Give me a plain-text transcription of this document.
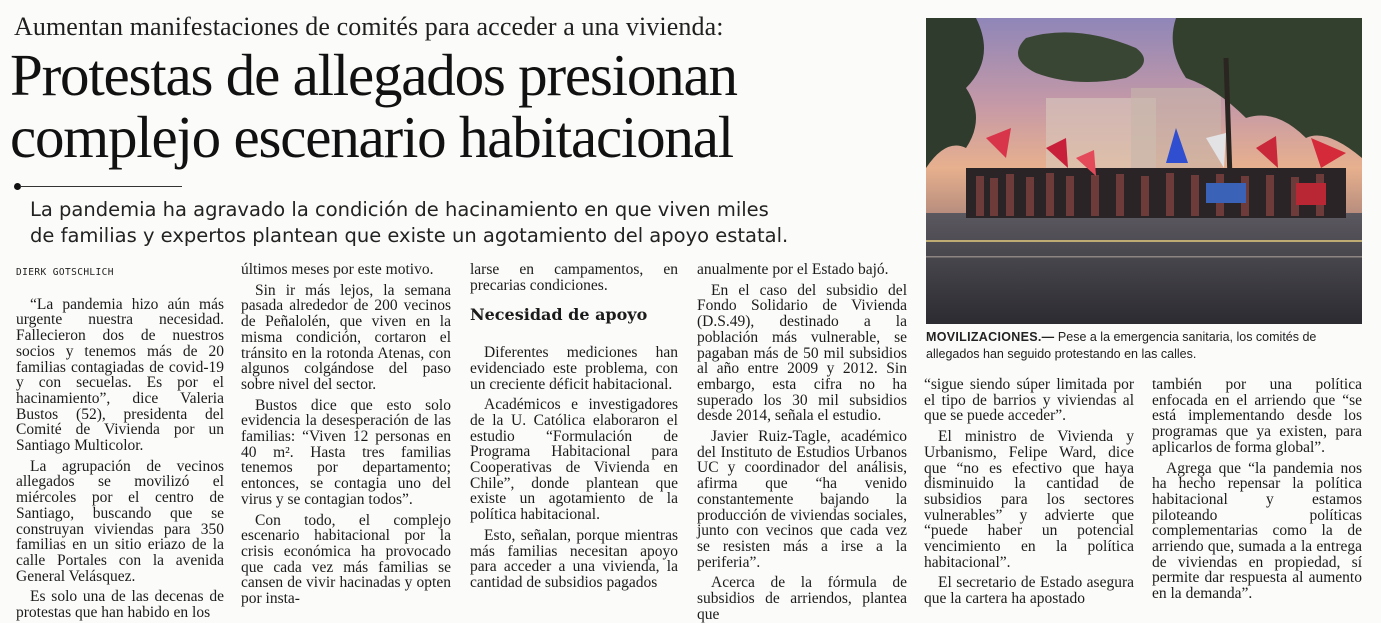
Aumentan manifestaciones de comités para acceder a una vivienda:
Protestas de allegados presionan
complejo escenario habitacional
La pandemia ha agravado la condición de hacinamiento en que viven miles
de familias y expertos plantean que existe un agotamiento del apoyo estatal.
DIERK GOTSCHLICH

“La pandemia hizo aún más urgente nuestra necesidad. Fallecieron dos de nuestros socios y tenemos más de 20 familias contagiadas de covid-19 y con secuelas. Es por el hacinamiento”, dice Valeria Bustos (52), presidenta del Comité de Vivienda por un Santiago Multicolor.

La agrupación de vecinos allegados se movilizó el miércoles por el centro de Santiago, buscando que se construyan viviendas para 350 familias en un sitio eriazo de la calle Portales con la avenida General Velásquez.

Es solo una de las decenas de protestas que han habido en los

últimos meses por este motivo.

Sin ir más lejos, la semana pasada alrededor de 200 vecinos de Peñalolén, que viven en la misma condición, cortaron el tránsito en la rotonda Atenas, con algunos colgándose del paso sobre nivel del sector.

Bustos dice que esto solo evidencia la desesperación de las familias: “Viven 12 personas en 40 m². Hasta tres familias tenemos por departamento; entonces, se contagia uno del virus y se contagian todos”.

Con todo, el complejo escenario habitacional por la crisis económica ha provocado que cada vez más familias se cansen de vivir hacinadas y opten por insta-

larse en campamentos, en precarias condiciones.

Necesidad de apoyo

Diferentes mediciones han evidenciado este problema, con un creciente déficit habitacional.

Académicos e investigadores de la U. Católica elaboraron el estudio “Formulación de Programa Habitacional para Cooperativas de Vivienda en Chile”, donde plantean que existe un agotamiento de la política habitacional.

Esto, señalan, porque mientras más familias necesitan apoyo para acceder a una vivienda, la cantidad de subsidios pagados

anualmente por el Estado bajó.

En el caso del subsidio del Fondo Solidario de Vivienda (D.S.49), destinado a la población más vulnerable, se pagaban más de 50 mil subsidios al año entre 2009 y 2012. Sin embargo, esta cifra no ha superado los 30 mil subsidios desde 2014, señala el estudio.

Javier Ruiz-Tagle, académico del Instituto de Estudios Urbanos UC y coordinador del análisis, afirma que “ha venido constantemente bajando la producción de viviendas sociales, junto con vecinos que cada vez se resisten más a irse a la periferia”.

Acerca de la fórmula de subsidios de arriendos, plantea que

MOVILIZACIONES.— Pese a la emergencia sanitaria, los comités de allegados han seguido protestando en las calles.

“sigue siendo súper limitada por el tipo de barrios y viviendas al que se puede acceder”.

El ministro de Vivienda y Urbanismo, Felipe Ward, dice que “no es efectivo que haya disminuido la cantidad de subsidios para los sectores vulnerables” y advierte que “puede haber un potencial vencimiento en la política habitacional”.

El secretario de Estado asegura que la cartera ha apostado

también por una política enfocada en el arriendo que “se está implementando desde los programas que ya existen, para aplicarlos de forma global”.

Agrega que “la pandemia nos ha hecho repensar la política habitacional y estamos piloteando políticas complementarias como la de arriendo que, sumada a la entrega de viviendas en propiedad, sí permite dar respuesta al aumento en la demanda”.
